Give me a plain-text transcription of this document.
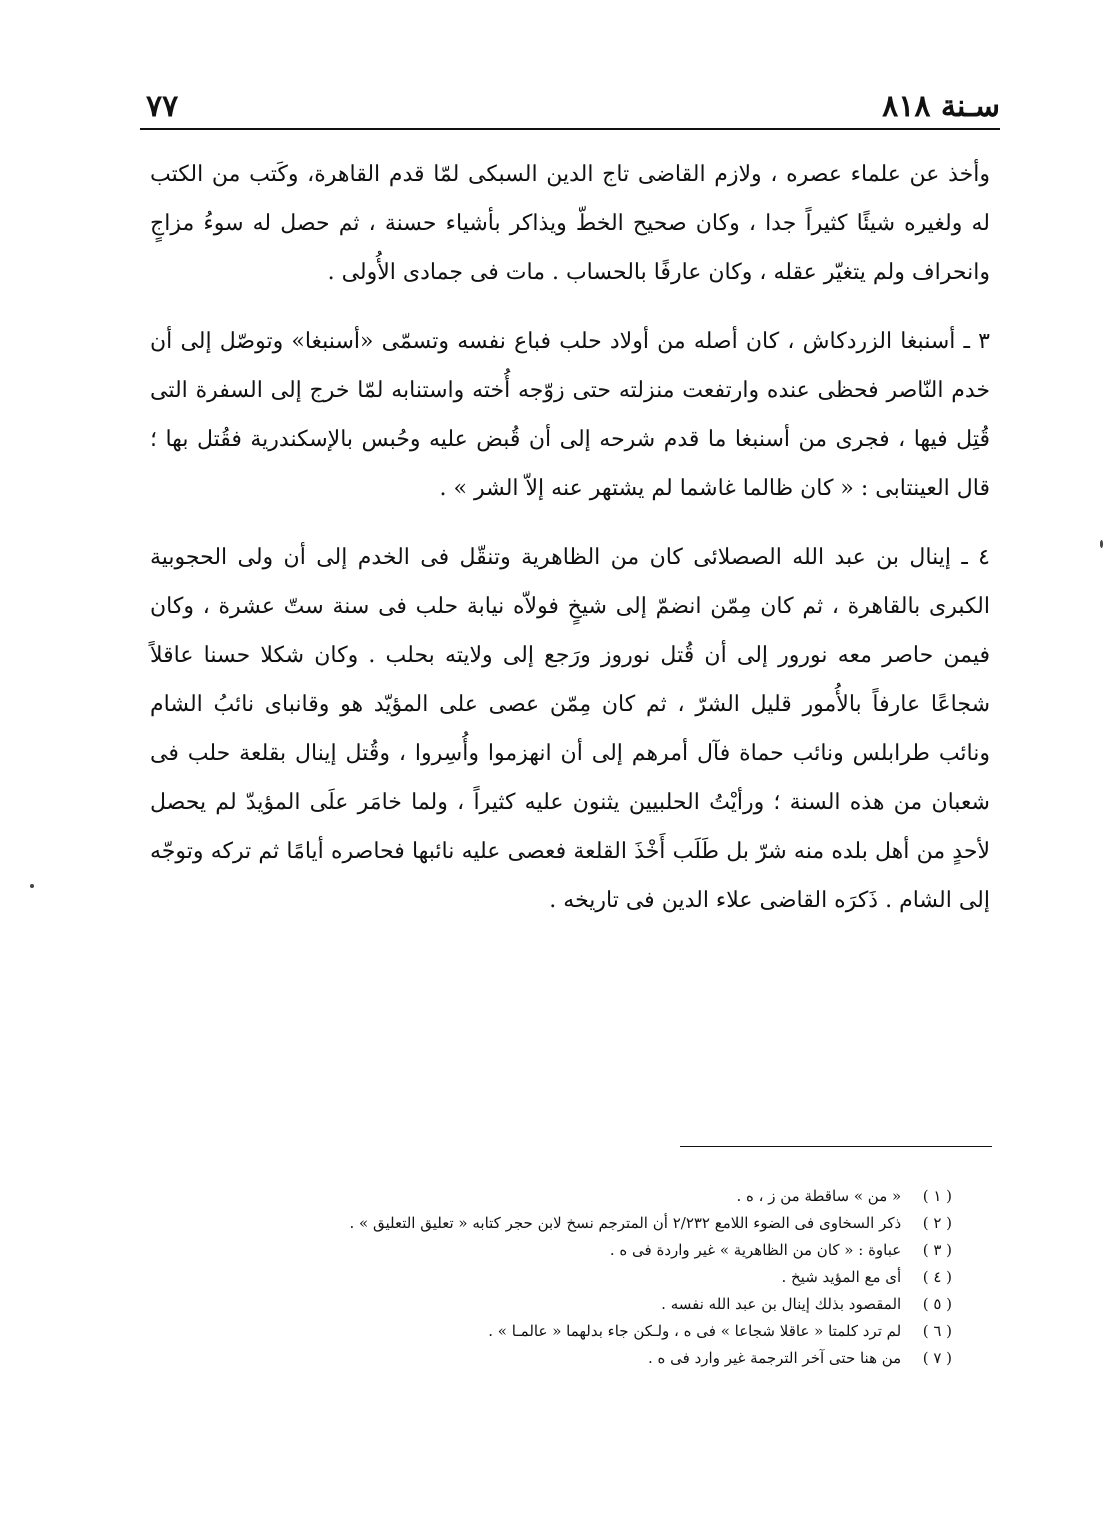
سـنة ٨١٨
٧٧

وأخذ عن علماء عصره ، ولازم القاضى تاج الدين السبكى لمّا قدم القاهرة، وكَتب من الكتب له ولغيره شيئًا كثيراً جدا ، وكان صحيح الخطّ ويذاكر بأشياء حسنة ، ثم حصل له سوءُ مزاجٍ وانحراف ولم يتغيّر عقله ، وكان عارفًا بالحساب . مات فى جمادى الأُولى .

٣ ـ أسنبغا الزردكاش ، كان أصله من أولاد حلب فباع نفسه وتسمّى «أسنبغا» وتوصّل إلى أن خدم النّاصر فحظى عنده وارتفعت منزلته حتى زوّجه أُخته واستنابه لمّا خرج إلى السفرة التى قُتِل فيها ، فجرى من أسنبغا ما قدم شرحه إلى أن قُبض عليه وحُبس بالإسكندرية فقُتل بها ؛ قال العينتابى : « كان ظالما غاشما لم يشتهر عنه إلاّ الشر » .

٤ ـ إينال بن عبد الله الصصلائى كان من الظاهرية وتنقّل فى الخدم إلى أن ولى الحجوبية الكبرى بالقاهرة ، ثم كان مِمّن انضمّ إلى شيخٍ فولاّه نيابة حلب فى سنة ستّ عشرة ، وكان فيمن حاصر معه نورور إلى أن قُتل نوروز ورَجع إلى ولايته بحلب . وكان شكلا حسنا عاقلاً شجاعًا عارفاً بالأُمور قليل الشرّ ، ثم كان مِمّن عصى على المؤيّد هو وقانباى نائبُ الشام ونائب طرابلس ونائب حماة فآل أمرهم إلى أن انهزموا وأُسِروا ، وقُتل إينال بقلعة حلب فى شعبان من هذه السنة ؛ ورأيْتُ الحلبيين يثنون عليه كثيراً ، ولما خامَر علَى المؤيدّ لم يحصل لأحدٍ من أهل بلده منه شرّ بل طَلَب أَخْذَ القلعة فعصى عليه نائبها فحاصره أيامًا ثم تركه وتوجّه إلى الشام . ذَكرَه القاضى علاء الدين فى تاريخه .

( ١ ) « من » ساقطة من ز ، ه .
( ٢ ) ذكر السخاوى فى الضوء اللامع ٢/٢٣٢ أن المترجم نسخ لابن حجر كتابه « تعليق التعليق » .
( ٣ ) عباوة : « كان من الظاهرية » غير واردة فى ه .
( ٤ ) أى مع المؤيد شيخ .
( ٥ ) المقصود بذلك إينال بن عبد الله نفسه .
( ٦ ) لم ترد كلمتا « عاقلا شجاعا » فى ه ، ولـكن جاء بدلهما « عالمـا » .
( ٧ ) من هنا حتى آخر الترجمة غير وارد فى ه .
